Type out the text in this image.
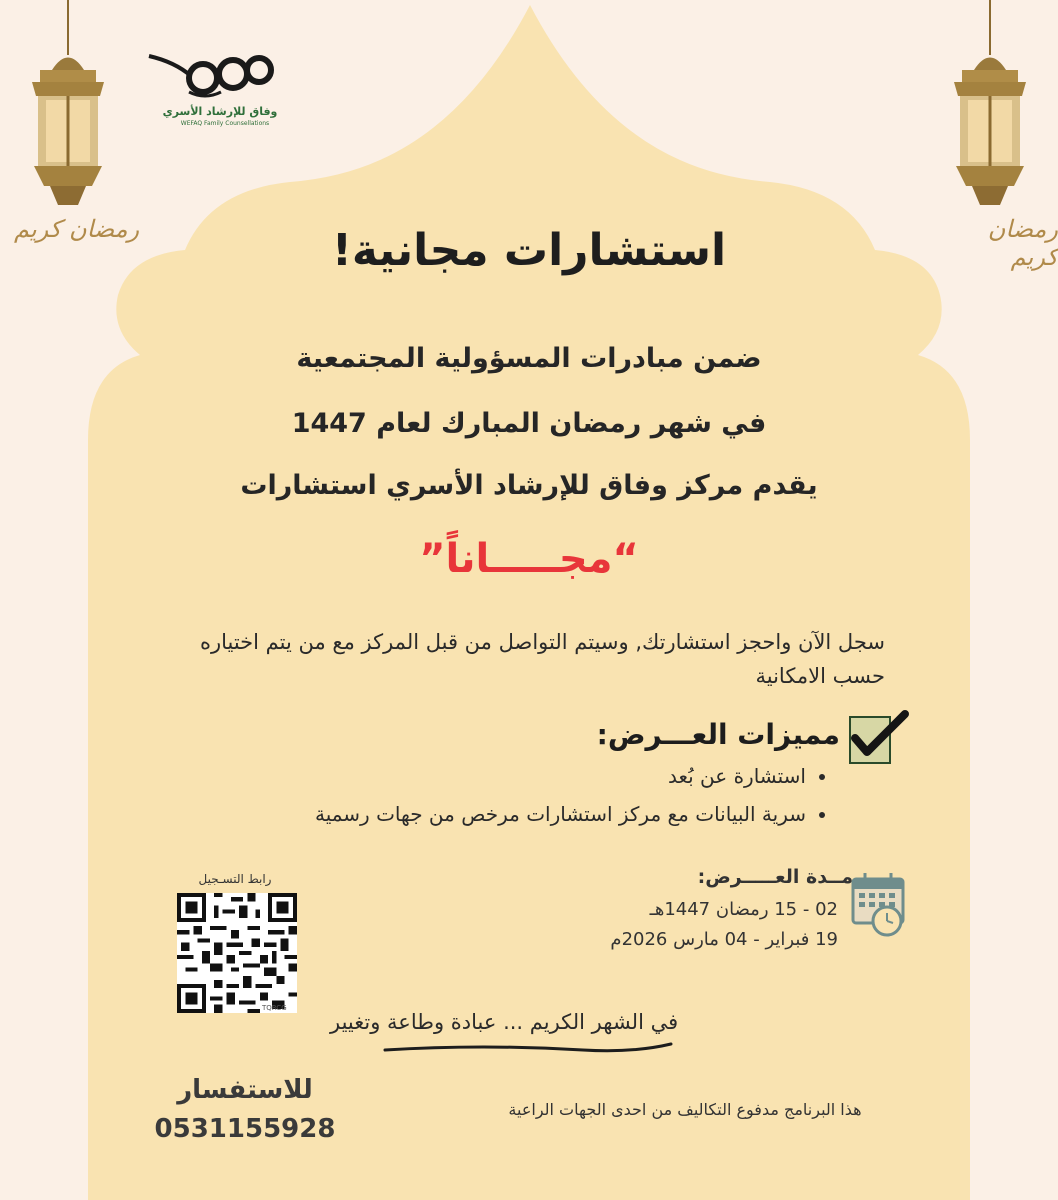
رمضان كريم	رمضان كريم
وفاق للإرشاد الأسري
WEFAQ Family Counsellations
استشارات مجانية!
ضمن مبادرات المسؤولية المجتمعية
في شهر رمضان المبارك لعام 1447
يقدم مركز وفاق للإرشاد الأسري استشارات
“مجـــــاناً”
سجل الآن واحجز استشارتك, وسيتم التواصل من قبل المركز مع من يتم اختياره حسب الامكانية
مميزات العـــرض:
• استشارة عن بُعد
• سرية البيانات مع مركز استشارات مرخص من جهات رسمية
مــدة العـــــرض:
02 - 15 رمضان 1447هـ
19 فبراير - 04 مارس 2026م
رابط التسـجيل
TQRCG
في الشهر الكريم ... عبادة وطاعة وتغيير
للاستفسار
0531155928
هذا البرنامج مدفوع التكاليف من احدى الجهات الراعية
